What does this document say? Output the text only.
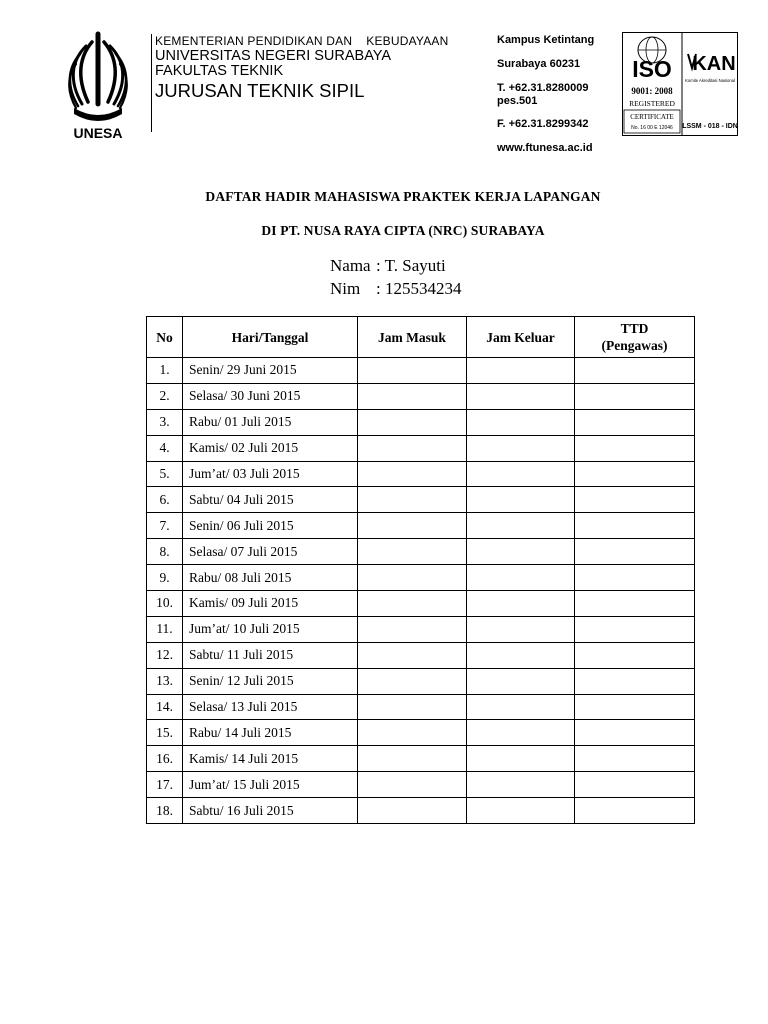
UNESA
KEMENTERIAN PENDIDIKAN DAN KEBUDAYAAN
UNIVERSITAS NEGERI SURABAYA
FAKULTAS TEKNIK
JURUSAN TEKNIK SIPIL
Kampus Ketintang
Surabaya 60231
T. +62.31.8280009 pes.501
F. +62.31.8299342
www.ftunesa.ac.id
ISO
9001: 2008
REGISTERED
CERTIFICATE
No. 16 00 E 12046
KAN
Komite Akreditasi Nasional
LSSM - 018 - IDN
DAFTAR HADIR MAHASISWA PRAKTEK KERJA LAPANGAN
DI PT. NUSA RAYA CIPTA (NRC) SURABAYA
Nama : T. Sayuti
Nim : 125534234
No	Hari/Tanggal	Jam Masuk	Jam Keluar	TTD
(Pengawas)
1.	Senin/ 29 Juni 2015			
2.	Selasa/ 30 Juni 2015			
3.	Rabu/ 01 Juli 2015			
4.	Kamis/ 02 Juli 2015			
5.	Jum’at/ 03 Juli 2015			
6.	Sabtu/ 04 Juli 2015			
7.	Senin/ 06 Juli 2015			
8.	Selasa/ 07 Juli 2015			
9.	Rabu/ 08 Juli 2015			
10.	Kamis/ 09 Juli 2015			
11.	Jum’at/ 10 Juli 2015			
12.	Sabtu/ 11 Juli 2015			
13.	Senin/ 12 Juli 2015			
14.	Selasa/ 13 Juli 2015			
15.	Rabu/ 14 Juli 2015			
16.	Kamis/ 14 Juli 2015			
17.	Jum’at/ 15 Juli 2015			
18.	Sabtu/ 16 Juli 2015			
